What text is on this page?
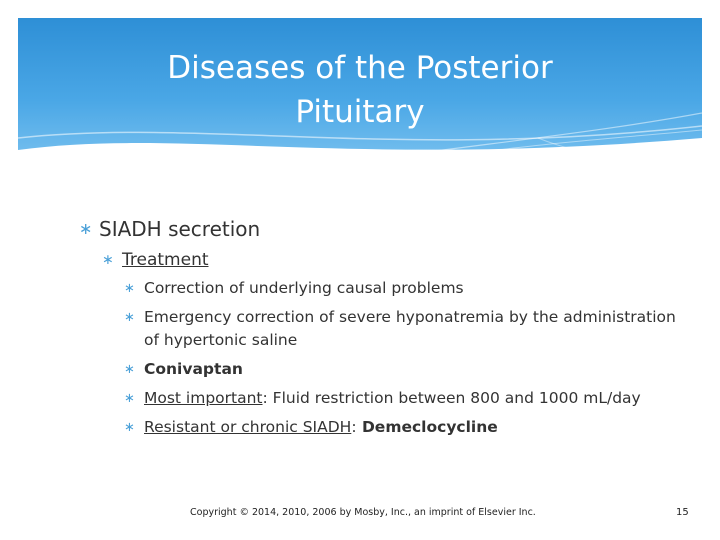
Diseases of the Posterior
Pituitary

∗ SIADH secretion

∗ Treatment

∗ Correction of underlying causal problems

∗ Emergency correction of severe hyponatremia by the administration of hypertonic saline

∗ Conivaptan

∗ Most important: Fluid restriction between 800 and 1000 mL/day

∗ Resistant or chronic SIADH: Demeclocycline

Copyright © 2014, 2010, 2006 by Mosby, Inc., an imprint of Elsevier Inc.	15
